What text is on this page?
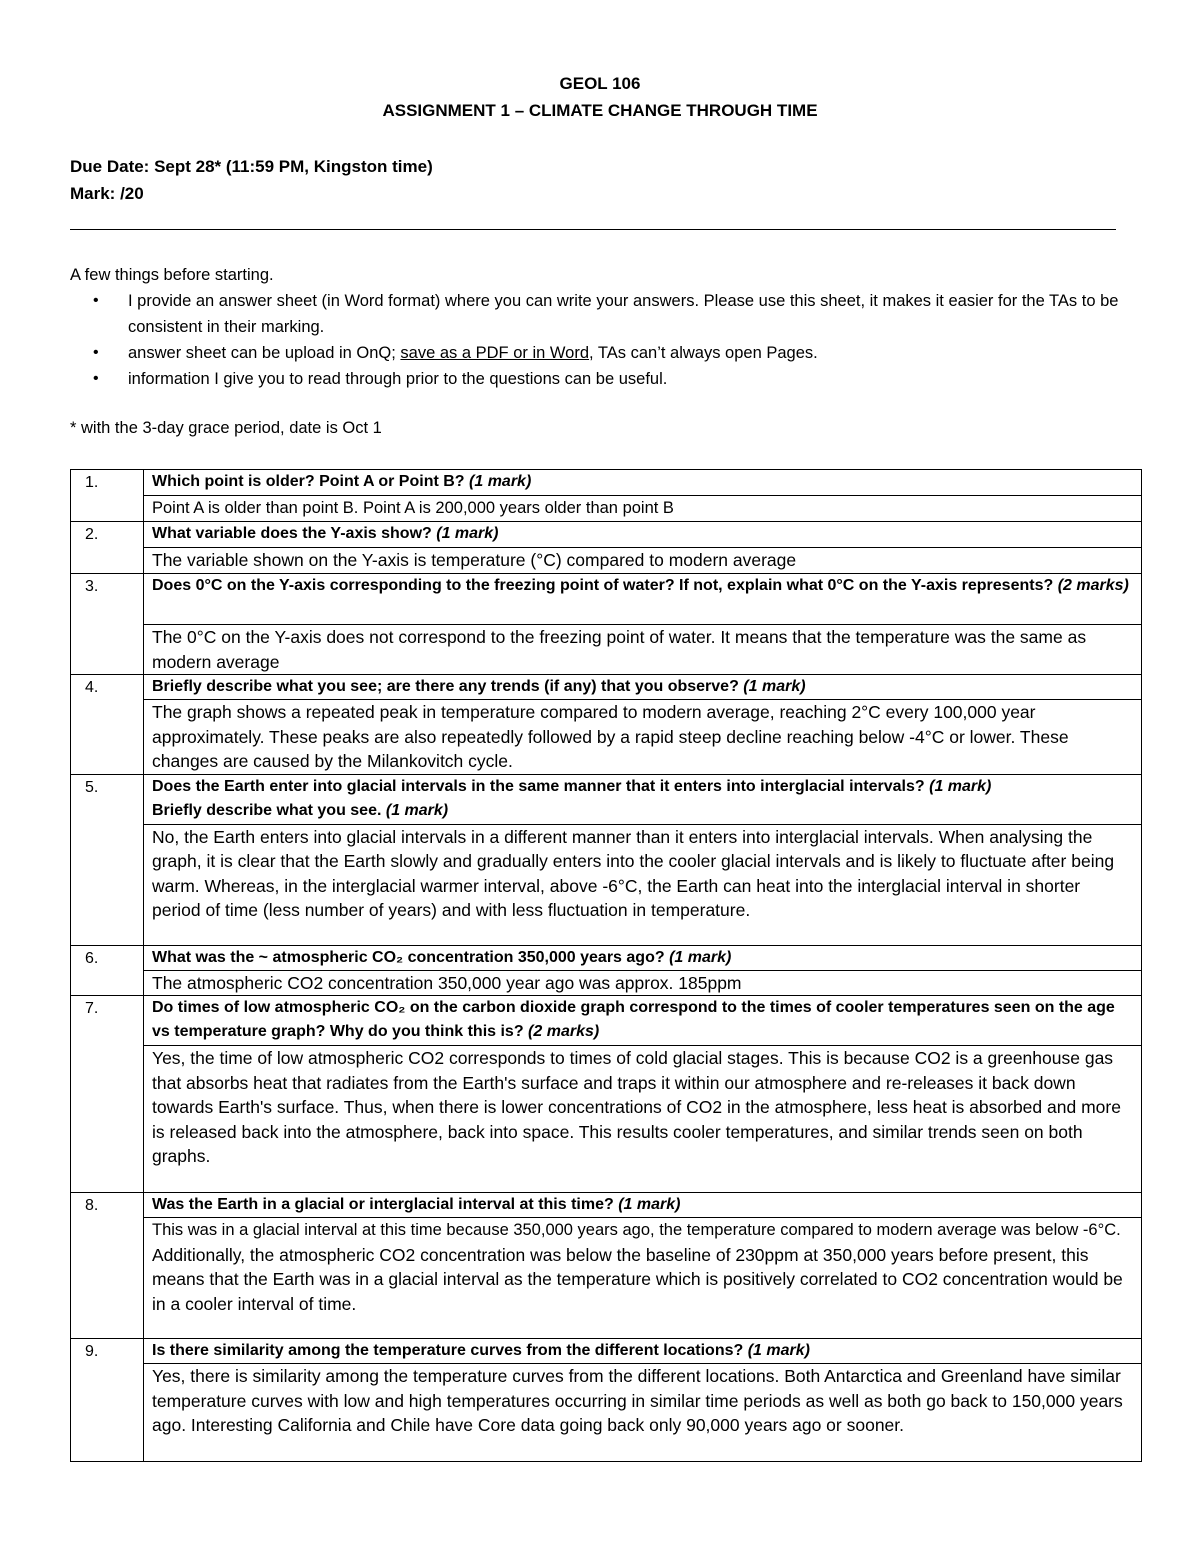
GEOL 106
ASSIGNMENT 1 – CLIMATE CHANGE THROUGH TIME
Due Date: Sept 28* (11:59 PM, Kingston time)
Mark: /20

A few things before starting.

• I provide an answer sheet (in Word format) where you can write your answers. Please use this sheet, it makes it easier for the TAs to be consistent in their marking.
• answer sheet can be upload in OnQ; save as a PDF or in Word, TAs can’t always open Pages.
• information I give you to read through prior to the questions can be useful.
* with the 3-day grace period, date is Oct 1
1.	Which point is older? Point A or Point B? (1 mark)
	Point A is older than point B. Point A is 200,000 years older than point B
2.	What variable does the Y-axis show? (1 mark)
	The variable shown on the Y-axis is temperature (°C) compared to modern average
3.	Does 0°C on the Y-axis corresponding to the freezing point of water? If not, explain what 0°C on the Y-axis represents? (2 marks)
	The 0°C on the Y-axis does not correspond to the freezing point of water. It means that the temperature was the same as modern average
4.	Briefly describe what you see; are there any trends (if any) that you observe? (1 mark)
	The graph shows a repeated peak in temperature compared to modern average, reaching 2°C every 100,000 year approximately. These peaks are also repeatedly followed by a rapid steep decline reaching below -4°C or lower. These changes are caused by the Milankovitch cycle.
5.	Does the Earth enter into glacial intervals in the same manner that it enters into interglacial intervals? (1 mark)
Briefly describe what you see. (1 mark)
	No, the Earth enters into glacial intervals in a different manner than it enters into interglacial intervals. When analysing the graph, it is clear that the Earth slowly and gradually enters into the cooler glacial intervals and is likely to fluctuate after being warm. Whereas, in the interglacial warmer interval, above -6°C, the Earth can heat into the interglacial interval in shorter period of time (less number of years) and with less fluctuation in temperature.
6.	What was the ~ atmospheric CO₂ concentration 350,000 years ago? (1 mark)
	The atmospheric CO2 concentration 350,000 year ago was approx. 185ppm
7.	Do times of low atmospheric CO₂ on the carbon dioxide graph correspond to the times of cooler temperatures seen on the age vs temperature graph? Why do you think this is? (2 marks)
	Yes, the time of low atmospheric CO2 corresponds to times of cold glacial stages. This is because CO2 is a greenhouse gas that absorbs heat that radiates from the Earth's surface and traps it within our atmosphere and re-releases it back down towards Earth's surface. Thus, when there is lower concentrations of CO2 in the atmosphere, less heat is absorbed and more is released back into the atmosphere, back into space. This results cooler temperatures, and similar trends seen on both graphs.
8.	Was the Earth in a glacial or interglacial interval at this time? (1 mark)

	This was in a glacial interval at this time because 350,000 years ago, the temperature compared to modern average was below -6°C.

Additionally, the atmospheric CO2 concentration was below the baseline of 230ppm at 350,000 years before present, this means that the Earth was in a glacial interval as the temperature which is positively correlated to CO2 concentration would be in a cooler interval of time.

9.	Is there similarity among the temperature curves from the different locations? (1 mark)
	Yes, there is similarity among the temperature curves from the different locations. Both Antarctica and Greenland have similar temperature curves with low and high temperatures occurring in similar time periods as well as both go back to 150,000 years ago. Interesting California and Chile have Core data going back only 90,000 years ago or sooner.
